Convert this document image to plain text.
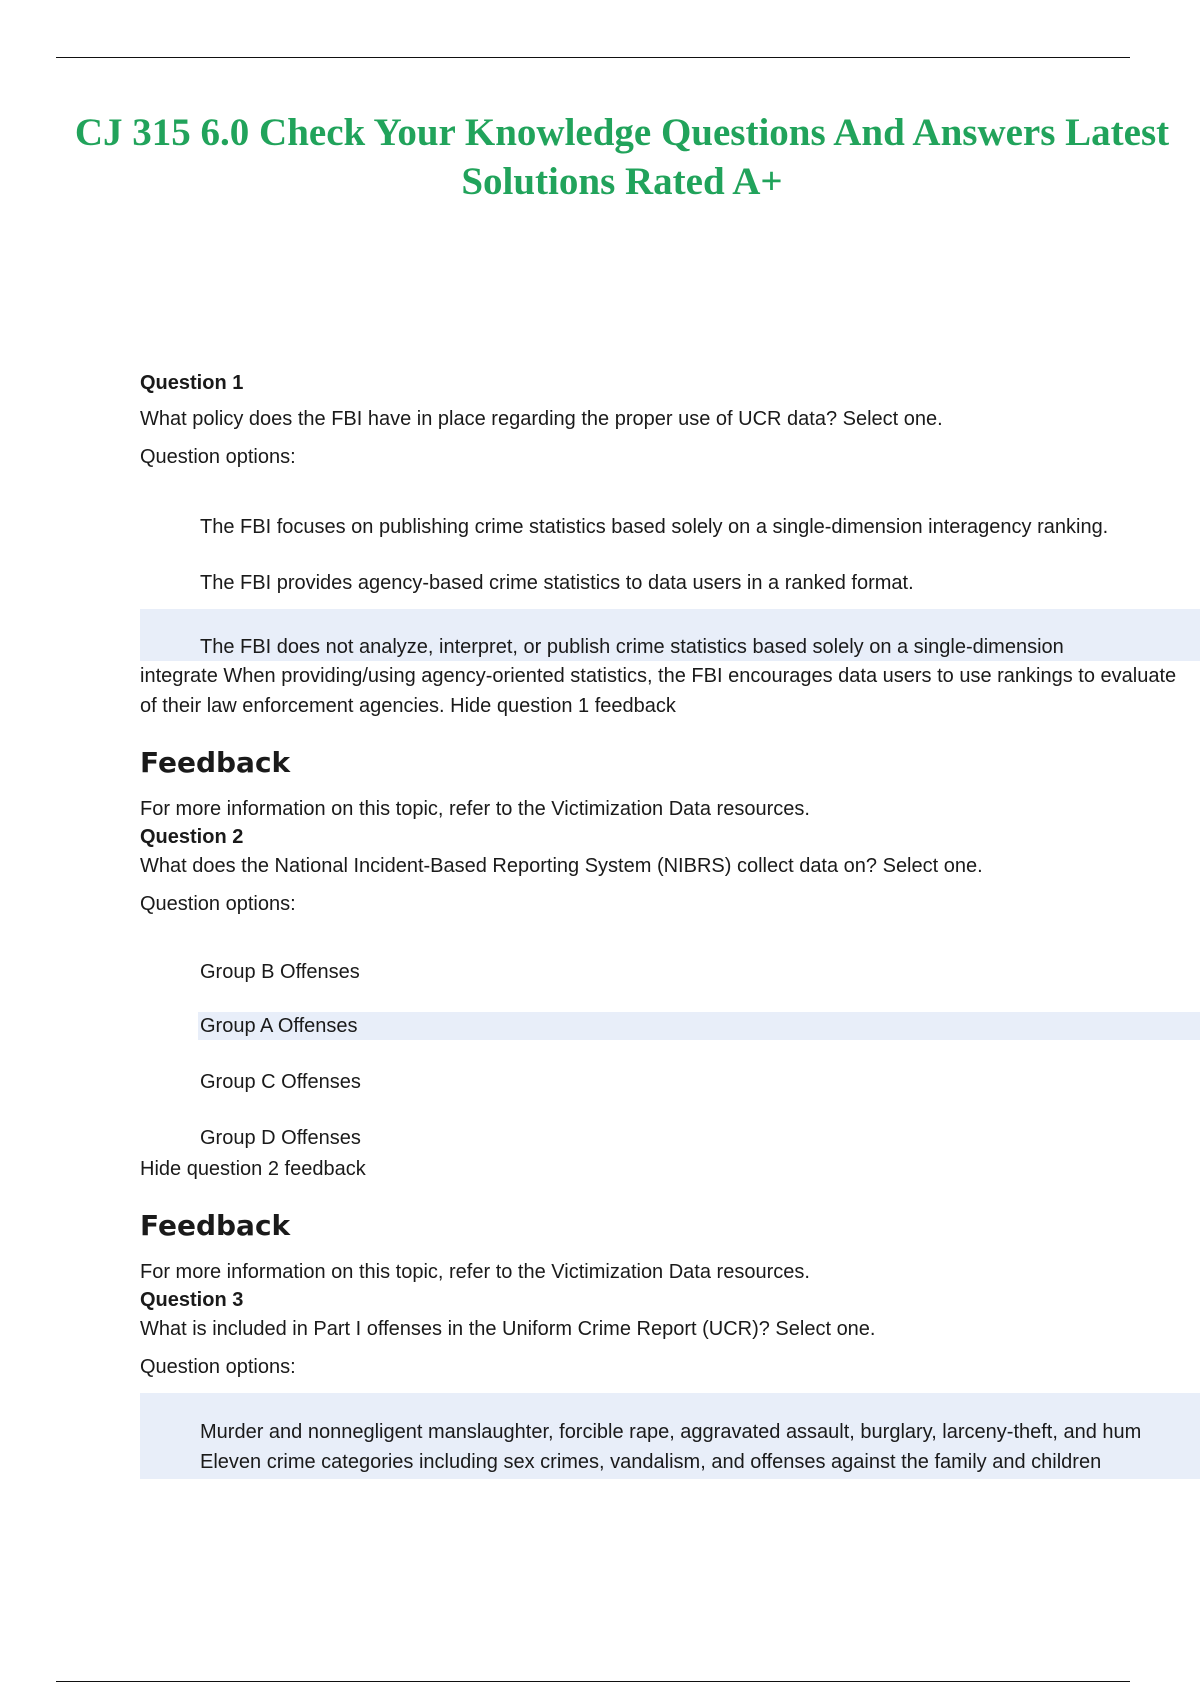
CJ 315 6.0 Check Your Knowledge Questions And Answers Latest Solutions Rated A+

Question 1

What policy does the FBI have in place regarding the proper use of UCR data? Select one.

Question options:

The FBI focuses on publishing crime statistics based solely on a single-dimension interagency ranking.

The FBI provides agency-based crime statistics to data users in a ranked format.

The FBI does not analyze, interpret, or publish crime statistics based solely on a single-dimension

integrate When providing/using agency-oriented statistics, the FBI encourages data users to use rankings to evaluate of their law enforcement agencies. Hide question 1 feedback

Feedback

For more information on this topic, refer to the Victimization Data resources.

Question 2

What does the National Incident-Based Reporting System (NIBRS) collect data on? Select one.

Question options:

Group B Offenses

Group A Offenses

Group C Offenses

Group D Offenses

Hide question 2 feedback

Feedback

For more information on this topic, refer to the Victimization Data resources.

Question 3

What is included in Part I offenses in the Uniform Crime Report (UCR)? Select one.

Question options:

Murder and nonnegligent manslaughter, forcible rape, aggravated assault, burglary, larceny-theft, and hum Eleven crime categories including sex crimes, vandalism, and offenses against the family and children
